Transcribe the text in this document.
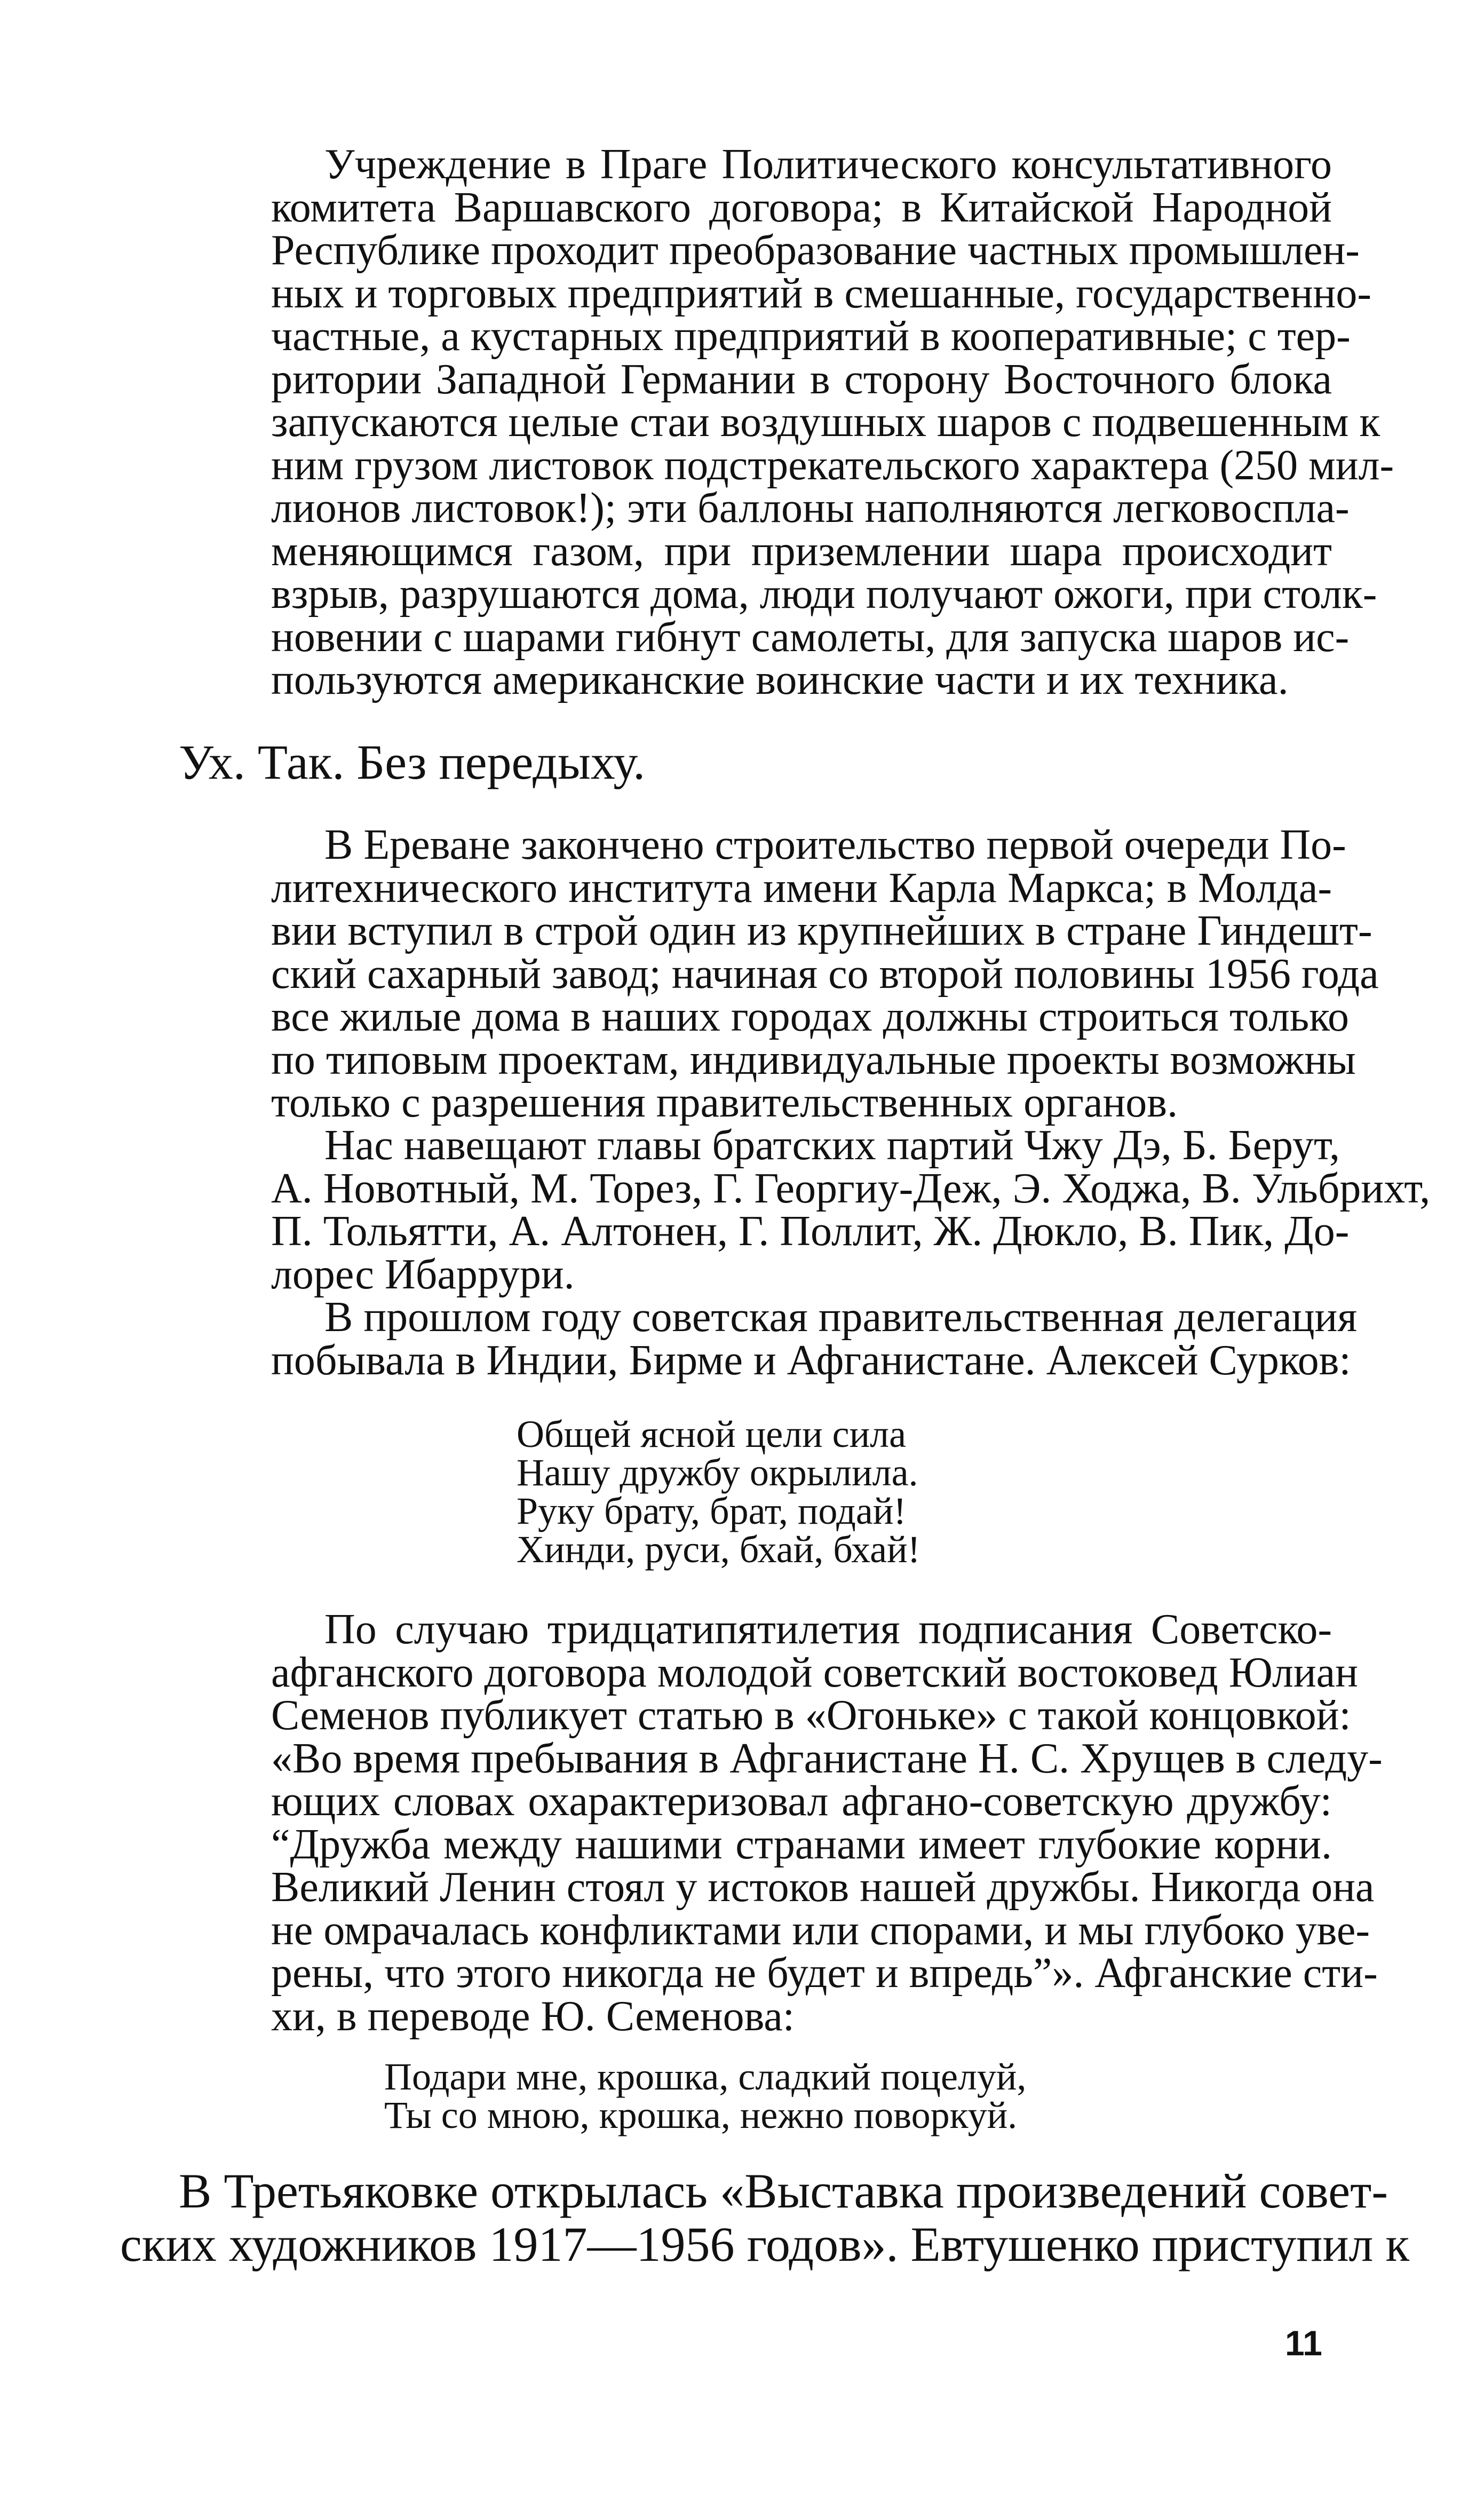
Учреждение в Праге Политического консультативного
комитета Варшавского договора; в Китайской Народной
Республике проходит преобразование частных промышлен-
ных и торговых предприятий в смешанные, государственно-
частные, а кустарных предприятий в кооперативные; с тер-
ритории Западной Германии в сторону Восточного блока
запускаются целые стаи воздушных шаров с подвешенным к
ним грузом листовок подстрекательского характера (250 мил-
лионов листовок!); эти баллоны наполняются легковоспла-
меняющимся газом, при приземлении шара происходит
взрыв, разрушаются дома, люди получают ожоги, при столк-
новении с шарами гибнут самолеты, для запуска шаров ис-
пользуются американские воинские части и их техника.
Ух. Так. Без передыху.
В Ереване закончено строительство первой очереди По-
литехнического института имени Карла Маркса; в Молда-
вии вступил в строй один из крупнейших в стране Гиндешт-
ский сахарный завод; начиная со второй половины 1956 года
все жилые дома в наших городах должны строиться только
по типовым проектам, индивидуальные проекты возможны
только с разрешения правительственных органов.
Нас навещают главы братских партий Чжу Дэ, Б. Берут,
А. Новотный, М. Торез, Г. Георгиу-Деж, Э. Ходжа, В. Ульбрихт,
П. Тольятти, А. Алтонен, Г. Поллит, Ж. Дюкло, В. Пик, До-
лорес Ибаррури.
В прошлом году советская правительственная делегация
побывала в Индии, Бирме и Афганистане. Алексей Сурков:
Общей ясной цели сила
Нашу дружбу окрылила.
Руку брату, брат, подай!
Хинди, руси, бхай, бхай!
По случаю тридцатипятилетия подписания Советско-
афганского договора молодой советский востоковед Юлиан
Семенов публикует статью в «Огоньке» с такой концовкой:
«Во время пребывания в Афганистане Н. С. Хрущев в следу-
ющих словах охарактеризовал афгано-советскую дружбу:
“Дружба между нашими странами имеет глубокие корни.
Великий Ленин стоял у истоков нашей дружбы. Никогда она
не омрачалась конфликтами или спорами, и мы глубоко уве-
рены, что этого никогда не будет и впредь”». Афганские сти-
хи, в переводе Ю. Семенова:
Подари мне, крошка, сладкий поцелуй,
Ты со мною, крошка, нежно поворкуй.
В Третьяковке открылась «Выставка произведений совет-
ских художников 1917—1956 годов». Евтушенко приступил к
11
